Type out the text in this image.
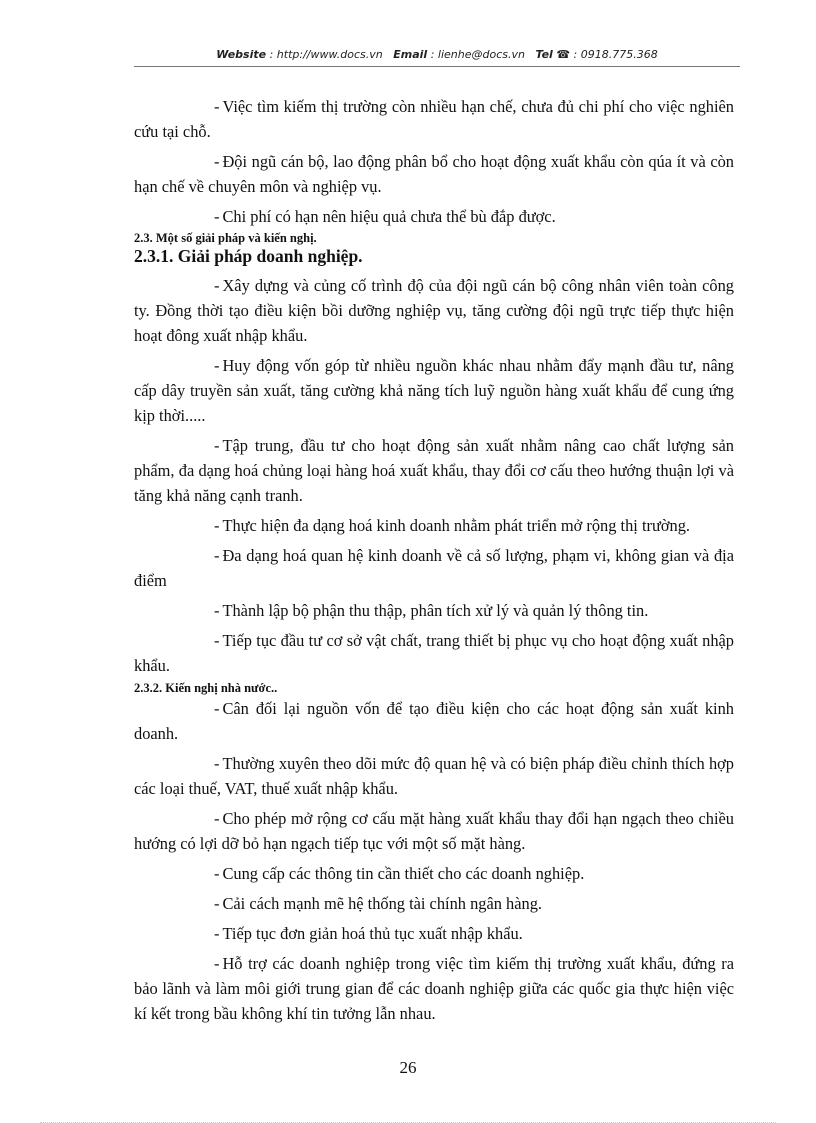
Website : http://www.docs.vn Email : lienhe@docs.vn Tel ☎ : 0918.775.368

- Việc tìm kiếm thị trường còn nhiều hạn chế, chưa đủ chi phí cho việc nghiên cứu tại chỗ.

- Đội ngũ cán bộ, lao động phân bổ cho hoạt động xuất khẩu còn qúa ít và còn hạn chế về chuyên môn và nghiệp vụ.

- Chi phí có hạn nên hiệu quả chưa thể bù đắp được.

2.3. Một số giải pháp và kiến nghị.
2.3.1. Giải pháp doanh nghiệp.

- Xây dựng và củng cố trình độ của đội ngũ cán bộ công nhân viên toàn công ty. Đồng thời tạo điều kiện bồi dưỡng nghiệp vụ, tăng cường đội ngũ trực tiếp thực hiện hoạt đông xuất nhập khẩu.

- Huy động vốn góp từ nhiều nguồn khác nhau nhằm đẩy mạnh đầu tư, nâng cấp dây truyền sản xuất, tăng cường khả năng tích luỹ nguồn hàng xuất khẩu để cung ứng kịp thời.....

- Tập trung, đầu tư cho hoạt động sản xuất nhằm nâng cao chất lượng sản phẩm, đa dạng hoá chủng loại hàng hoá xuất khẩu, thay đổi cơ cấu theo hướng thuận lợi và tăng khả năng cạnh tranh.

- Thực hiện đa dạng hoá kinh doanh nhằm phát triển mở rộng thị trường.

- Đa dạng hoá quan hệ kinh doanh về cả số lượng, phạm vi, không gian và địa điểm

- Thành lập bộ phận thu thập, phân tích xử lý và quản lý thông tin.

- Tiếp tục đầu tư cơ sở vật chất, trang thiết bị phục vụ cho hoạt động xuất nhập khẩu.

2.3.2. Kiến nghị nhà nước..

- Cân đối lại nguồn vốn để tạo điều kiện cho các hoạt động sản xuất kinh doanh.

- Thường xuyên theo dõi mức độ quan hệ và có biện pháp điều chỉnh thích hợp các loại thuế, VAT, thuế xuất nhập khẩu.

- Cho phép mở rộng cơ cấu mặt hàng xuất khẩu thay đổi hạn ngạch theo chiều hướng có lợi dỡ bỏ hạn ngạch tiếp tục với một số mặt hàng.

- Cung cấp các thông tin cần thiết cho các doanh nghiệp.

- Cải cách mạnh mẽ hệ thống tài chính ngân hàng.

- Tiếp tục đơn giản hoá thủ tục xuất nhập khẩu.

- Hỗ trợ các doanh nghiệp trong việc tìm kiếm thị trường xuất khẩu, đứng ra bảo lãnh và làm môi giới trung gian để các doanh nghiệp giữa các quốc gia thực hiện việc kí kết trong bầu không khí tin tưởng lẫn nhau.

26
